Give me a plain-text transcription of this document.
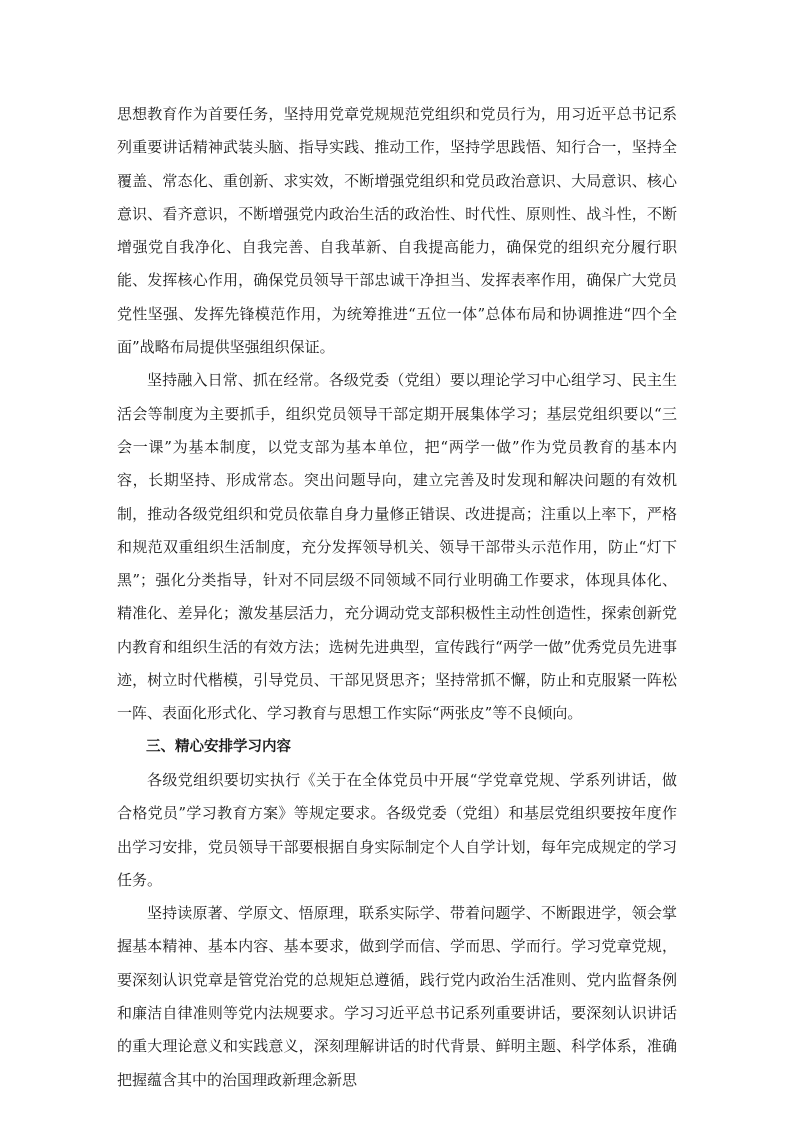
思想教育作为首要任务，坚持用党章党规规范党组织和党员行为，用习近平总书记系列重要讲话精神武装头脑、指导实践、推动工作，坚持学思践悟、知行合一，坚持全覆盖、常态化、重创新、求实效，不断增强党组织和党员政治意识、大局意识、核心意识、看齐意识，不断增强党内政治生活的政治性、时代性、原则性、战斗性，不断增强党自我净化、自我完善、自我革新、自我提高能力，确保党的组织充分履行职能、发挥核心作用，确保党员领导干部忠诚干净担当、发挥表率作用，确保广大党员党性坚强、发挥先锋模范作用，为统筹推进“五位一体”总体布局和协调推进“四个全面”战略布局提供坚强组织保证。

坚持融入日常、抓在经常。各级党委（党组）要以理论学习中心组学习、民主生活会等制度为主要抓手，组织党员领导干部定期开展集体学习；基层党组织要以“三会一课”为基本制度，以党支部为基本单位，把“两学一做”作为党员教育的基本内容，长期坚持、形成常态。突出问题导向，建立完善及时发现和解决问题的有效机制，推动各级党组织和党员依靠自身力量修正错误、改进提高；注重以上率下，严格和规范双重组织生活制度，充分发挥领导机关、领导干部带头示范作用，防止“灯下黑”；强化分类指导，针对不同层级不同领域不同行业明确工作要求，体现具体化、精准化、差异化；激发基层活力，充分调动党支部积极性主动性创造性，探索创新党内教育和组织生活的有效方法；选树先进典型，宣传践行“两学一做”优秀党员先进事迹，树立时代楷模，引导党员、干部见贤思齐；坚持常抓不懈，防止和克服紧一阵松一阵、表面化形式化、学习教育与思想工作实际“两张皮”等不良倾向。

三、精心安排学习内容

各级党组织要切实执行《关于在全体党员中开展“学党章党规、学系列讲话，做合格党员”学习教育方案》等规定要求。各级党委（党组）和基层党组织要按年度作出学习安排，党员领导干部要根据自身实际制定个人自学计划，每年完成规定的学习任务。

坚持读原著、学原文、悟原理，联系实际学、带着问题学、不断跟进学，领会掌握基本精神、基本内容、基本要求，做到学而信、学而思、学而行。学习党章党规，要深刻认识党章是管党治党的总规矩总遵循，践行党内政治生活准则、党内监督条例和廉洁自律准则等党内法规要求。学习习近平总书记系列重要讲话，要深刻认识讲话的重大理论意义和实践意义，深刻理解讲话的时代背景、鲜明主题、科学体系，准确把握蕴含其中的治国理政新理念新思
